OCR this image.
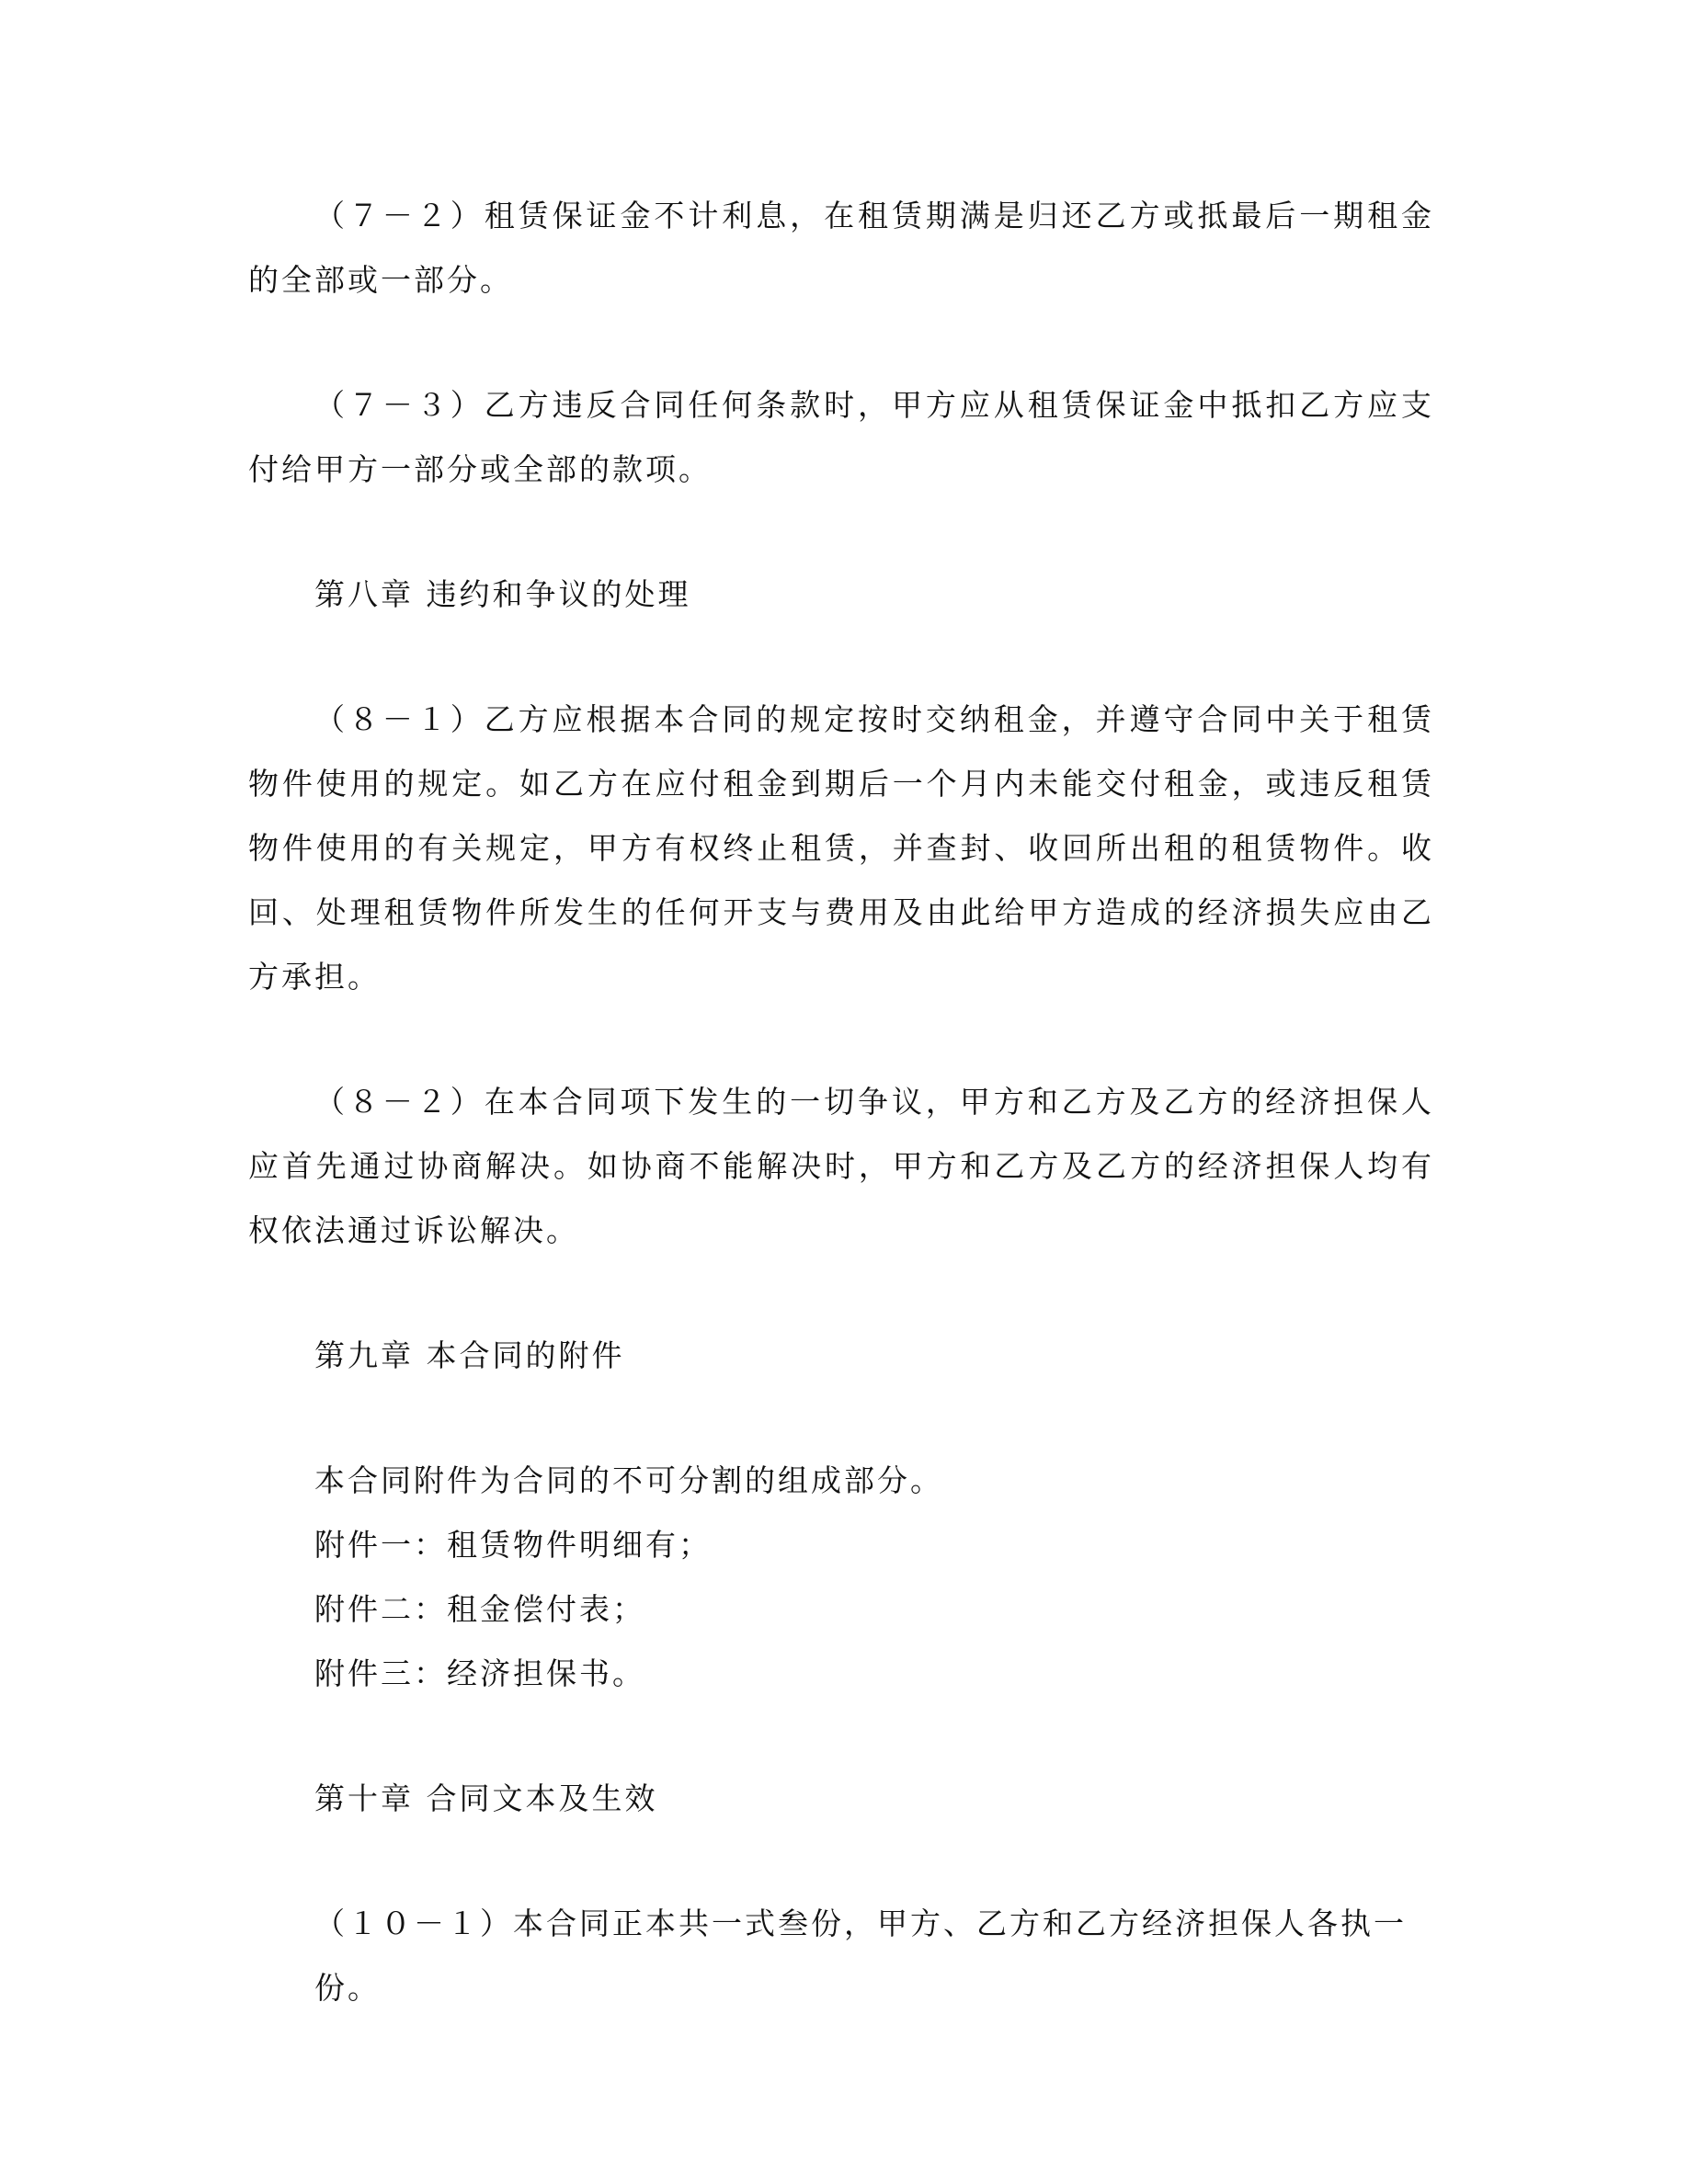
（７－２）租赁保证金不计利息，在租赁期满是归还乙方或抵最后一期租金的全部或一部分。

（７－３）乙方违反合同任何条款时，甲方应从租赁保证金中抵扣乙方应支付给甲方一部分或全部的款项。

第八章 违约和争议的处理

（８－１）乙方应根据本合同的规定按时交纳租金，并遵守合同中关于租赁物件使用的规定。如乙方在应付租金到期后一个月内未能交付租金，或违反租赁物件使用的有关规定，甲方有权终止租赁，并查封、收回所出租的租赁物件。收回、处理租赁物件所发生的任何开支与费用及由此给甲方造成的经济损失应由乙方承担。

（８－２）在本合同项下发生的一切争议，甲方和乙方及乙方的经济担保人应首先通过协商解决。如协商不能解决时，甲方和乙方及乙方的经济担保人均有权依法通过诉讼解决。

第九章 本合同的附件

本合同附件为合同的不可分割的组成部分。

附件一：租赁物件明细有；

附件二：租金偿付表；

附件三：经济担保书。

第十章 合同文本及生效

（１０－１）本合同正本共一式叁份，甲方、乙方和乙方经济担保人各执一份。
